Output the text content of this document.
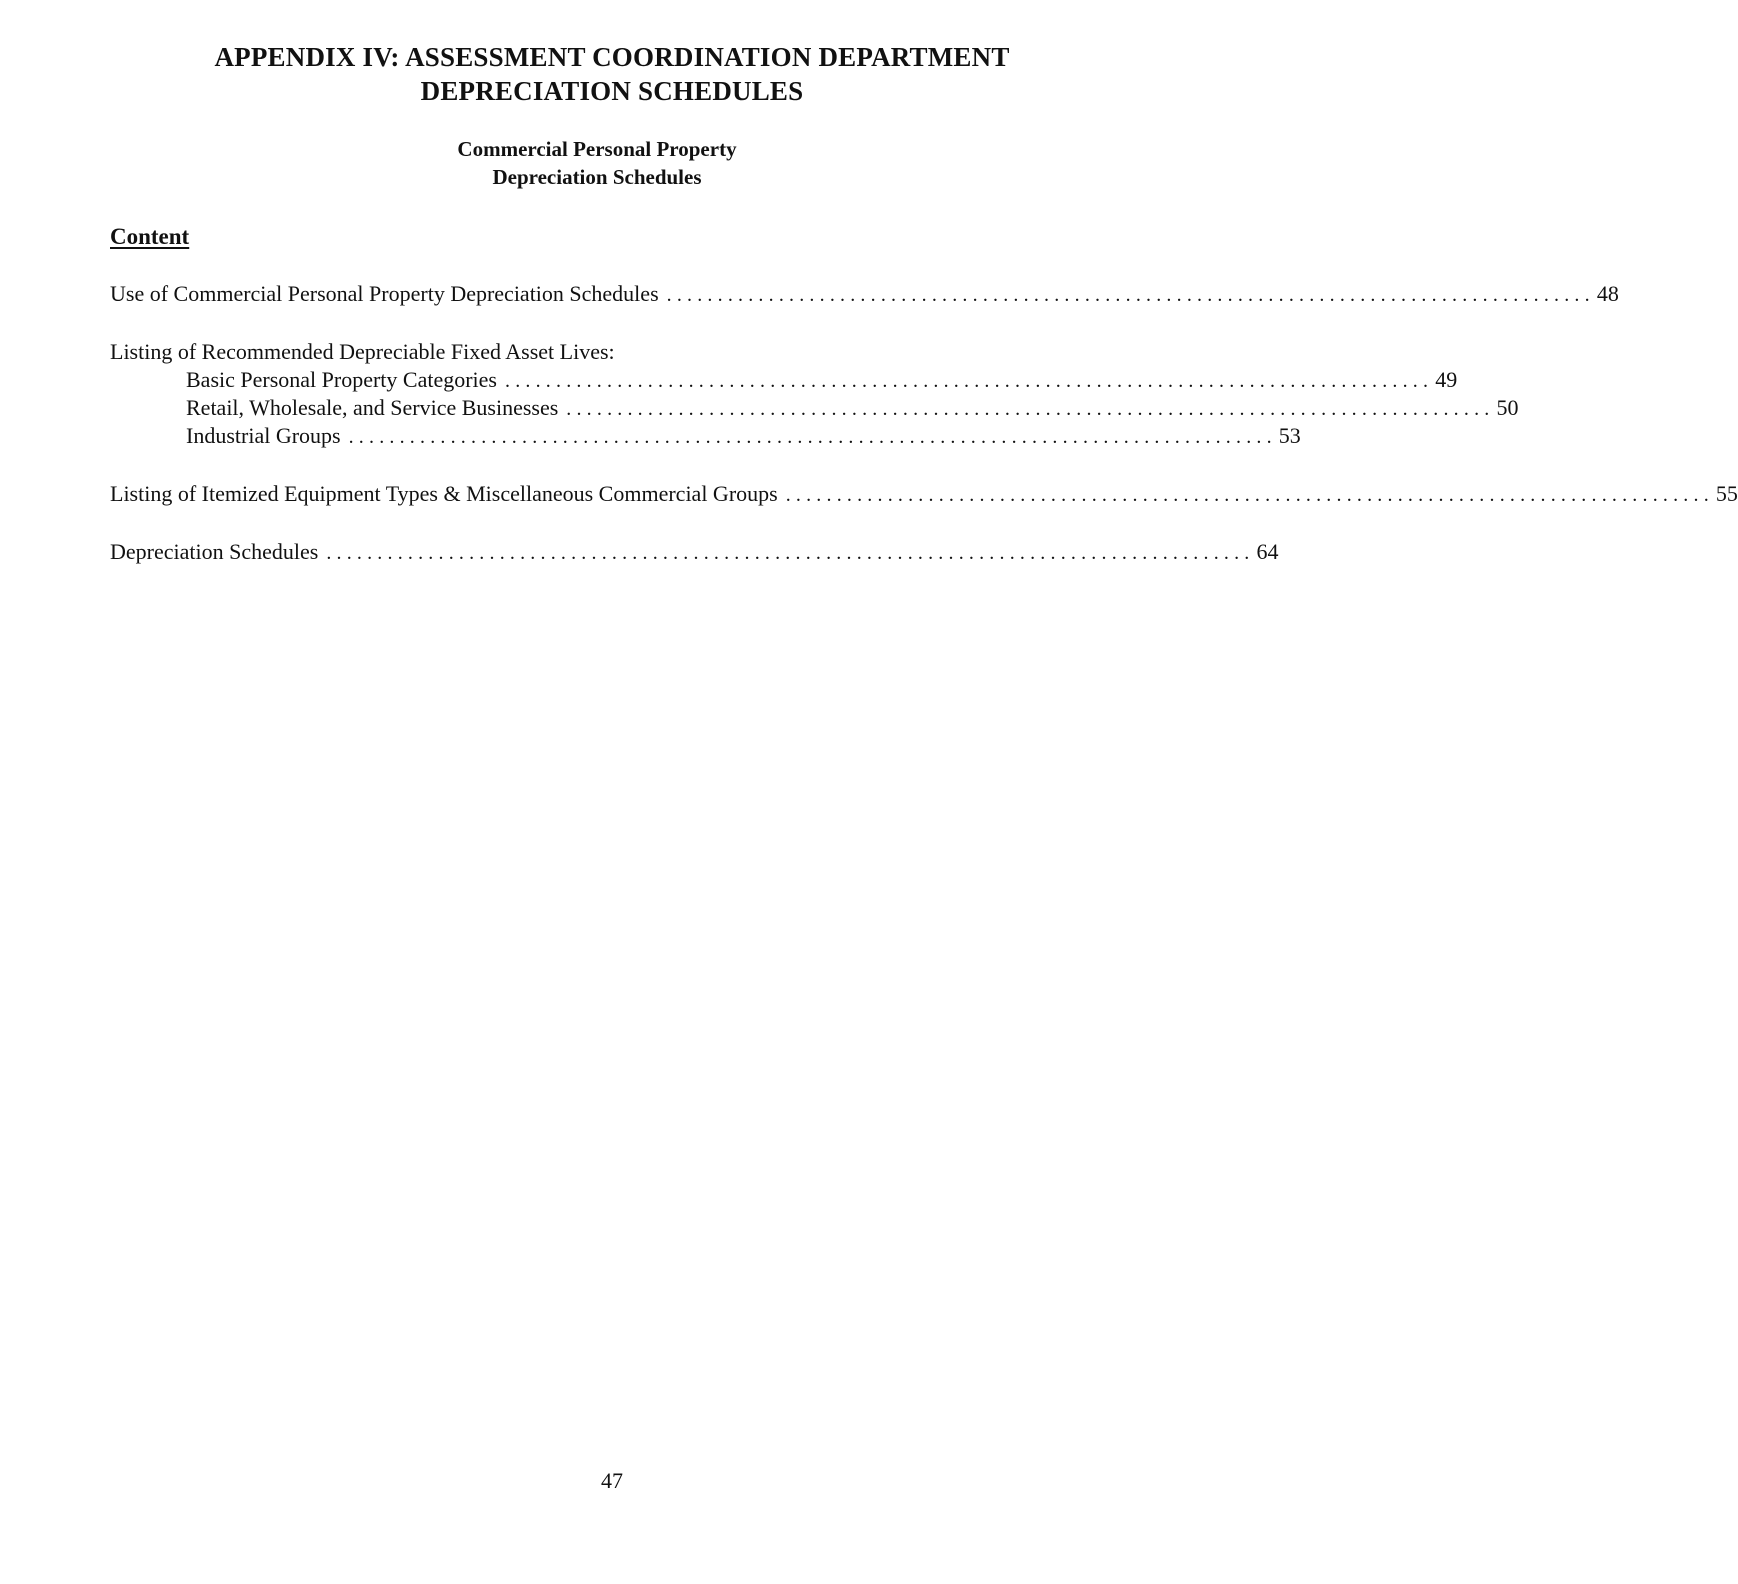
APPENDIX IV: ASSESSMENT COORDINATION DEPARTMENT
DEPRECIATION SCHEDULES
Commercial Personal Property
Depreciation Schedules
Content
Use of Commercial Personal Property Depreciation Schedules ........................................................................................... 48

Listing of Recommended Depreciable Fixed Asset Lives:

Basic Personal Property Categories ........................................................................................... 49
Retail, Wholesale, and Service Businesses ........................................................................................... 50
Industrial Groups ........................................................................................... 53
Listing of Itemized Equipment Types & Miscellaneous Commercial Groups ........................................................................................... 55
Depreciation Schedules ........................................................................................... 64
47
